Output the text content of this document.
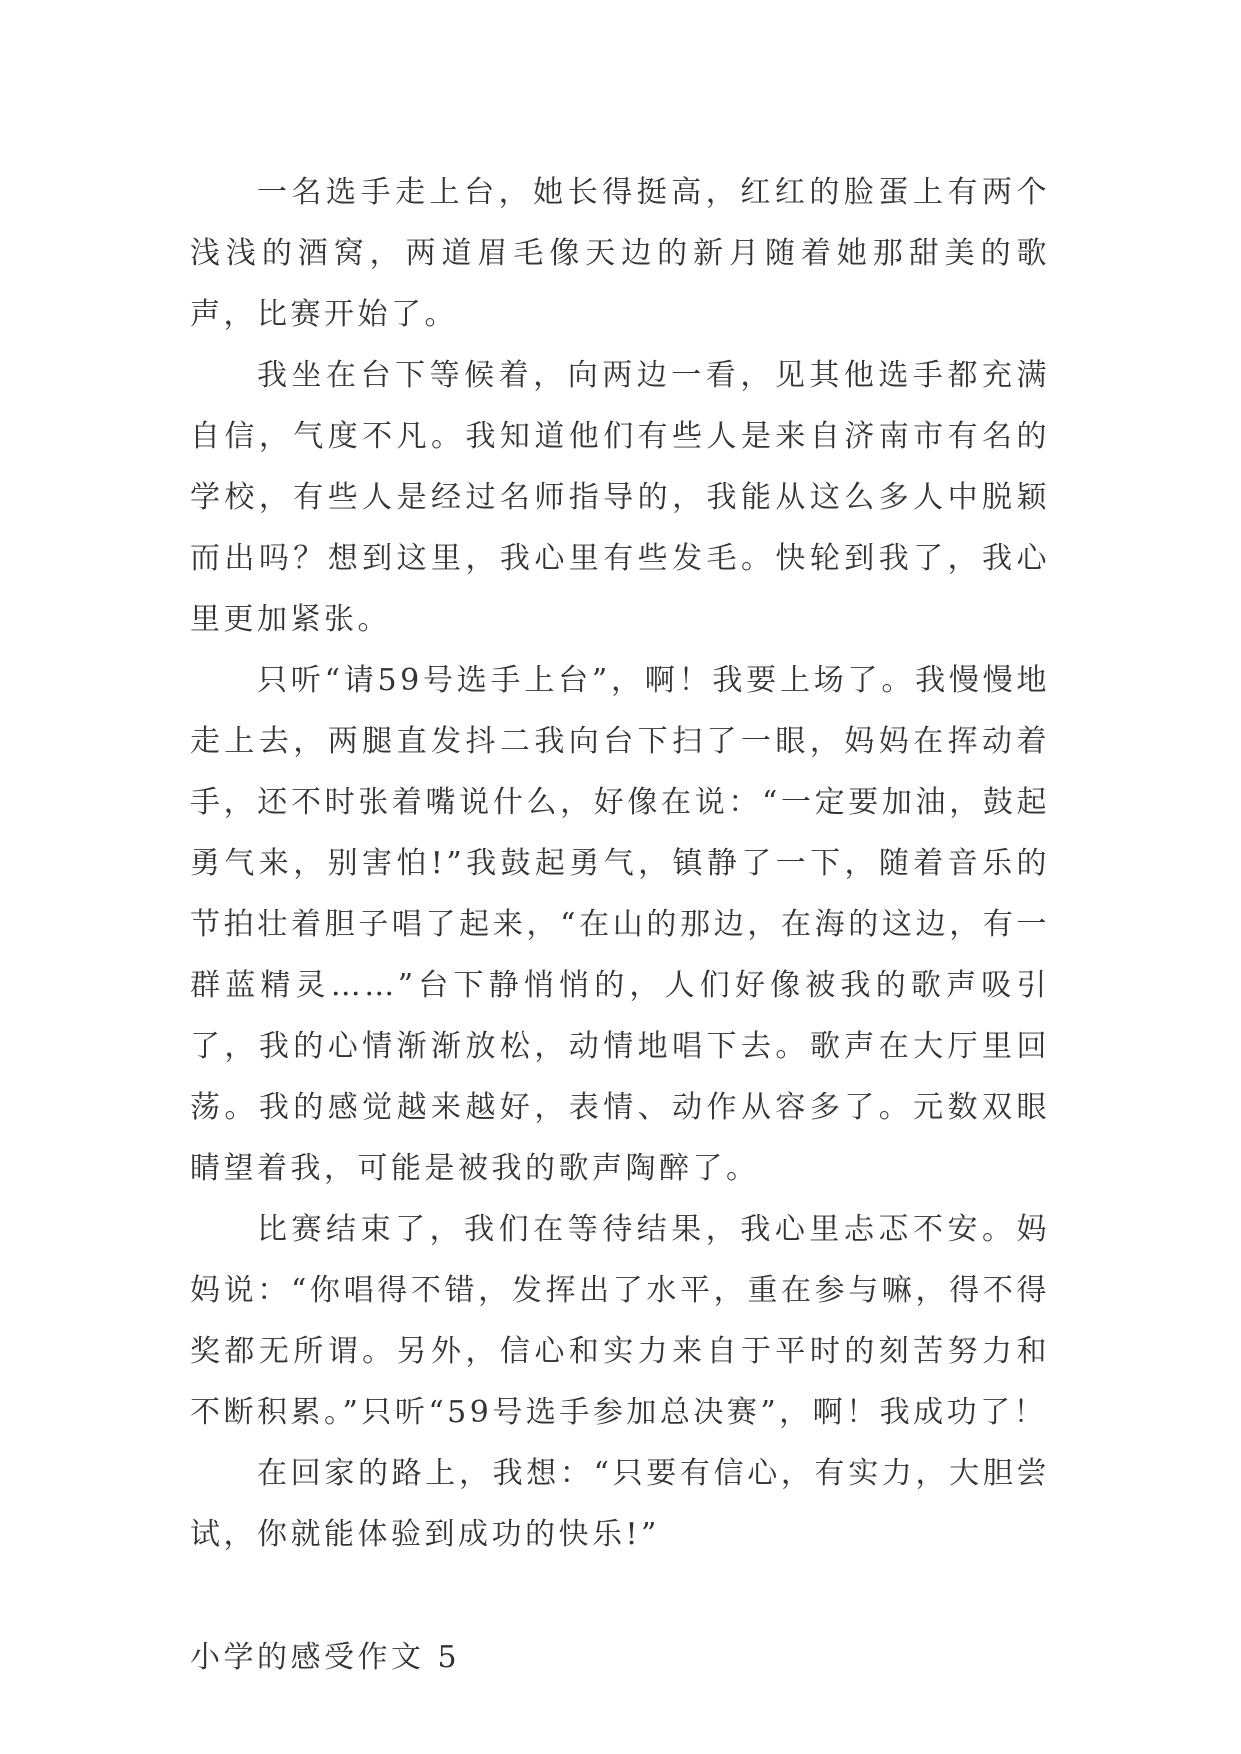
一名选手走上台，她长得挺高，红红的脸蛋上有两个浅浅的酒窝，两道眉毛像天边的新月随着她那甜美的歌声，比赛开始了。

我坐在台下等候着，向两边一看，见其他选手都充满自信，气度不凡。我知道他们有些人是来自济南市有名的学校，有些人是经过名师指导的，我能从这么多人中脱颖而出吗？想到这里，我心里有些发毛。快轮到我了，我心里更加紧张。

只听“请59号选手上台”，啊！我要上场了。我慢慢地走上去，两腿直发抖二我向台下扫了一眼，妈妈在挥动着手，还不时张着嘴说什么，好像在说：“一定要加油，鼓起勇气来，别害怕!”我鼓起勇气，镇静了一下，随着音乐的节拍壮着胆子唱了起来，“在山的那边，在海的这边，有一群蓝精灵……”台下静悄悄的，人们好像被我的歌声吸引了，我的心情渐渐放松，动情地唱下去。歌声在大厅里回荡。我的感觉越来越好，表情、动作从容多了。元数双眼睛望着我，可能是被我的歌声陶醉了。

比赛结束了，我们在等待结果，我心里忐忑不安。妈妈说：“你唱得不错，发挥出了水平，重在参与嘛，得不得奖都无所谓。另外，信心和实力来自于平时的刻苦努力和不断积累。”只听“59号选手参加总决赛”，啊！我成功了！

在回家的路上，我想：“只要有信心，有实力，大胆尝试，你就能体验到成功的快乐!”

小学的感受作文 5
